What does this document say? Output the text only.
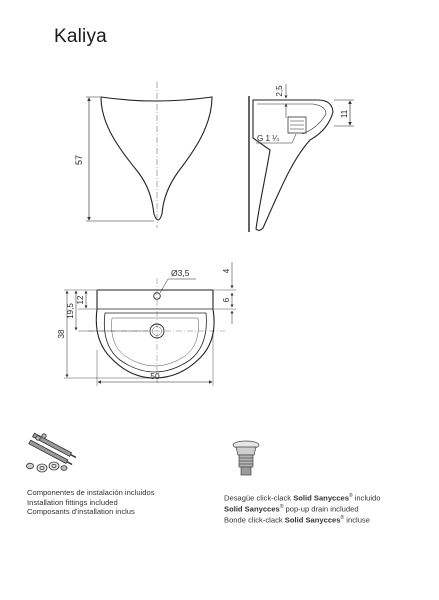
Kaliya
57
2,5
11
G 1 ¼
Ø3,5	4
6
12
19,5
38
50
Componentes de instalación incluidos
Installation fittings included
Composants d'installation inclus
Desagüe click-clack Solid Sanycces® incluido
Solid Sanycces® pop-up drain included
Bonde click-clack Solid Sanycces® incluse
